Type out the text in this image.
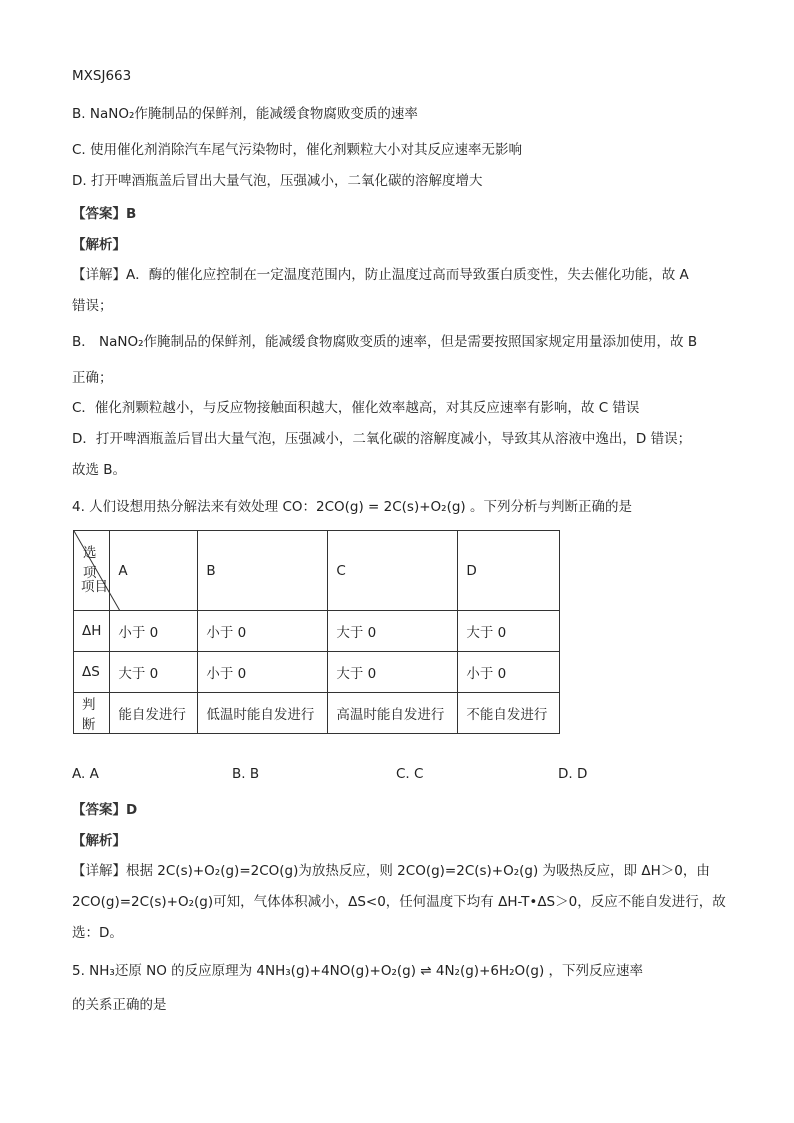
MXSJ663
B. NaNO₂作腌制品的保鲜剂，能减缓食物腐败变质的速率
C. 使用催化剂消除汽车尾气污染物时，催化剂颗粒大小对其反应速率无影响
D. 打开啤酒瓶盖后冒出大量气泡，压强减小，二氧化碳的溶解度增大
【答案】B
【解析】
【详解】A．酶的催化应控制在一定温度范围内，防止温度过高而导致蛋白质变性，失去催化功能，故 A
错误；
B． NaNO₂作腌制品的保鲜剂，能减缓食物腐败变质的速率，但是需要按照国家规定用量添加使用，故 B
正确；
C．催化剂颗粒越小，与反应物接触面积越大，催化效率越高，对其反应速率有影响，故 C 错误
D．打开啤酒瓶盖后冒出大量气泡，压强减小，二氧化碳的溶解度减小，导致其从溶液中逸出，D 错误；
故选 B。
4. 人们设想用热分解法来有效处理 CO：2CO(g) = 2C(s)+O₂(g) 。下列分析与判断正确的是
选项
项目	A	B	C	D
ΔH	小于 0	小于 0	大于 0	大于 0
ΔS	大于 0	小于 0	大于 0	小于 0
判断	能自发进行	低温时能自发进行	高温时能自发进行	不能自发进行
A. A	B. B	C. C	D. D
【答案】D
【解析】
【详解】根据 2C(s)+O₂(g)=2CO(g)为放热反应，则 2CO(g)=2C(s)+O₂(g) 为吸热反应，即 ΔH＞0，由
2CO(g)=2C(s)+O₂(g)可知，气体体积减小，ΔS<0，任何温度下均有 ΔH-T•ΔS＞0，反应不能自发进行，故
选：D。
5. NH₃还原 NO 的反应原理为 4NH₃(g)+4NO(g)+O₂(g) ⇌ 4N₂(g)+6H₂O(g) ，下列反应速率
的关系正确的是
